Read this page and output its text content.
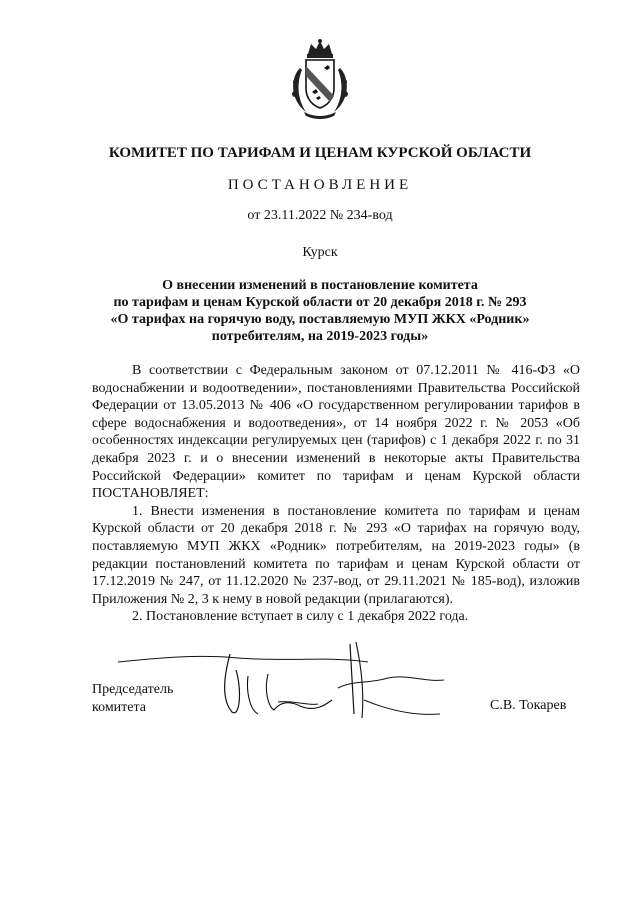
КОМИТЕТ ПО ТАРИФАМ И ЦЕНАМ КУРСКОЙ ОБЛАСТИ
ПОСТАНОВЛЕНИЕ
от 23.11.2022 № 234-вод
Курск
О внесении изменений в постановление комитета
по тарифам и ценам Курской области от 20 декабря 2018 г. № 293
«О тарифах на горячую воду, поставляемую МУП ЖКХ «Родник»
потребителям, на 2019-2023 годы»

В соответствии с Федеральным законом от 07.12.2011 № 416-ФЗ «О водоснабжении и водоотведении», постановлениями Правительства Российской Федерации от 13.05.2013 № 406 «О государственном регулировании тарифов в сфере водоснабжения и водоотведения», от 14 ноября 2022 г. № 2053 «Об особенностях индексации регулируемых цен (тарифов) с 1 декабря 2022 г. по 31 декабря 2023 г. и о внесении изменений в некоторые акты Правительства Российской Федерации» комитет по тарифам и ценам Курской области ПОСТАНОВЛЯЕТ:

1. Внести изменения в постановление комитета по тарифам и ценам Курской области от 20 декабря 2018 г. № 293 «О тарифах на горячую воду, поставляемую МУП ЖКХ «Родник» потребителям, на 2019-2023 годы» (в редакции постановлений комитета по тарифам и ценам Курской области от 17.12.2019 № 247, от 11.12.2020 № 237-вод, от 29.11.2021 № 185-вод), изложив Приложения № 2, 3 к нему в новой редакции (прилагаются).

2. Постановление вступает в силу с 1 декабря 2022 года.

Председатель
комитета	С.В. Токарев
